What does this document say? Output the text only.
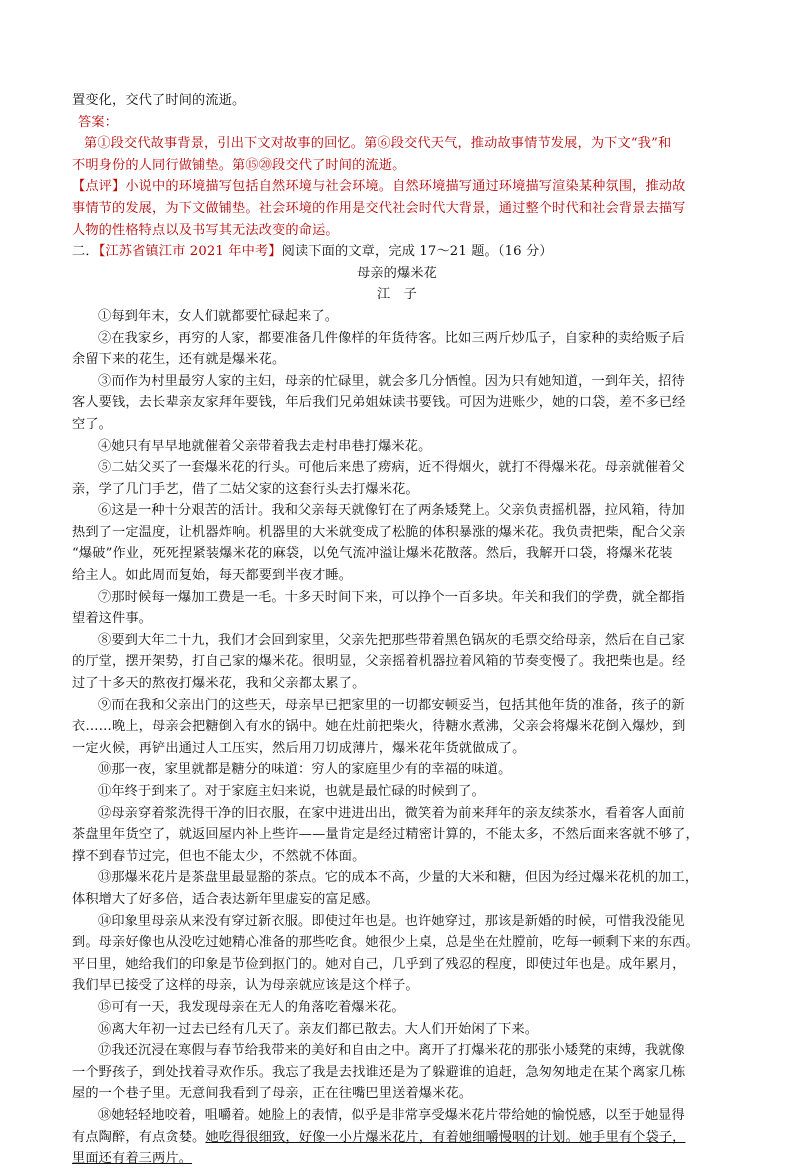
置变化，交代了时间的流逝。

答案：

第①段交代故事背景，引出下文对故事的回忆。第⑥段交代天气，推动故事情节发展，为下文“我”和

不明身份的人同行做铺垫。第⑮⑳段交代了时间的流逝。

【点评】小说中的环境描写包括自然环境与社会环境。自然环境描写通过环境描写渲染某种氛围，推动故

事情节的发展，为下文做铺垫。社会环境的作用是交代社会时代大背景，通过整个时代和社会背景去描写

人物的性格特点以及书写其无法改变的命运。

二．【江苏省镇江市 2021 年中考】阅读下面的文章，完成 17～21 题。（16 分）

母亲的爆米花

江　子

①每到年末，女人们就都要忙碌起来了。

②在我家乡，再穷的人家，都要准备几件像样的年货待客。比如三两斤炒瓜子，自家种的卖给贩子后

余留下来的花生，还有就是爆米花。

③而作为村里最穷人家的主妇，母亲的忙碌里，就会多几分恓惶。因为只有她知道，一到年关，招待

客人要钱，去长辈亲友家拜年要钱，年后我们兄弟姐妹读书要钱。可因为进账少，她的口袋，差不多已经

空了。

④她只有早早地就催着父亲带着我去走村串巷打爆米花。

⑤二姑父买了一套爆米花的行头。可他后来患了痨病，近不得烟火，就打不得爆米花。母亲就催着父

亲，学了几门手艺，借了二姑父家的这套行头去打爆米花。

⑥这是一种十分艰苦的活计。我和父亲每天就像钉在了两条矮凳上。父亲负责摇机器，拉风箱，待加

热到了一定温度，让机器炸响。机器里的大米就变成了松脆的体积暴涨的爆米花。我负责把柴，配合父亲

“爆破”作业，死死捏紧装爆米花的麻袋，以免气流冲溢让爆米花散落。然后，我解开口袋，将爆米花装

给主人。如此周而复始，每天都要到半夜才睡。

⑦那时候每一爆加工费是一毛。十多天时间下来，可以挣个一百多块。年关和我们的学费，就全都指

望着这件事。

⑧要到大年二十九，我们才会回到家里，父亲先把那些带着黑色锅灰的毛票交给母亲，然后在自己家

的厅堂，摆开架势，打自己家的爆米花。很明显，父亲摇着机器拉着风箱的节奏变慢了。我把柴也是。经

过了十多天的熬夜打爆米花，我和父亲都太累了。

⑨而在我和父亲出门的这些天，母亲早已把家里的一切都安顿妥当，包括其他年货的准备，孩子的新

衣……晚上，母亲会把糖倒入有水的锅中。她在灶前把柴火，待糖水煮沸，父亲会将爆米花倒入爆炒，到

一定火候，再铲出通过人工压实，然后用刀切成薄片，爆米花年货就做成了。

⑩那一夜，家里就都是糖分的味道：穷人的家庭里少有的幸福的味道。

⑪年终于到来了。对于家庭主妇来说，也就是最忙碌的时候到了。

⑫母亲穿着浆洗得干净的旧衣服，在家中进进出出，微笑着为前来拜年的亲友续茶水，看着客人面前

茶盘里年货空了，就返回屋内补上些许——量肯定是经过精密计算的，不能太多，不然后面来客就不够了，

撑不到春节过完，但也不能太少，不然就不体面。

⑬那爆米花片是茶盘里最显豁的茶点。它的成本不高，少量的大米和糖，但因为经过爆米花机的加工，

体积增大了好多倍，适合表达新年里虚妄的富足感。

⑭印象里母亲从来没有穿过新衣服。即使过年也是。也许她穿过，那该是新婚的时候，可惜我没能见

到。母亲好像也从没吃过她精心准备的那些吃食。她很少上桌，总是坐在灶膛前，吃每一顿剩下来的东西。

平日里，她给我们的印象是节俭到抠门的。她对自己，几乎到了残忍的程度，即使过年也是。成年累月，

我们早已接受了这样的母亲，认为母亲就应该是这个样子。

⑮可有一天，我发现母亲在无人的角落吃着爆米花。

⑯离大年初一过去已经有几天了。亲友们都已散去。大人们开始闲了下来。

⑰我还沉浸在寒假与春节给我带来的美好和自由之中。离开了打爆米花的那张小矮凳的束缚，我就像

一个野孩子，到处找着寻欢作乐。我忘了我是去找谁还是为了躲避谁的追赶，急匆匆地走在某个离家几栋

屋的一个巷子里。无意间我看到了母亲，正在往嘴巴里送着爆米花。

⑱她轻轻地咬着，咀嚼着。她脸上的表情，似乎是非常享受爆米花片带给她的愉悦感，以至于她显得

有点陶醉，有点贪婪。她吃得很细致，好像一小片爆米花片，有着她细嚼慢咽的计划。她手里有个袋子，

里面还有着三两片。
